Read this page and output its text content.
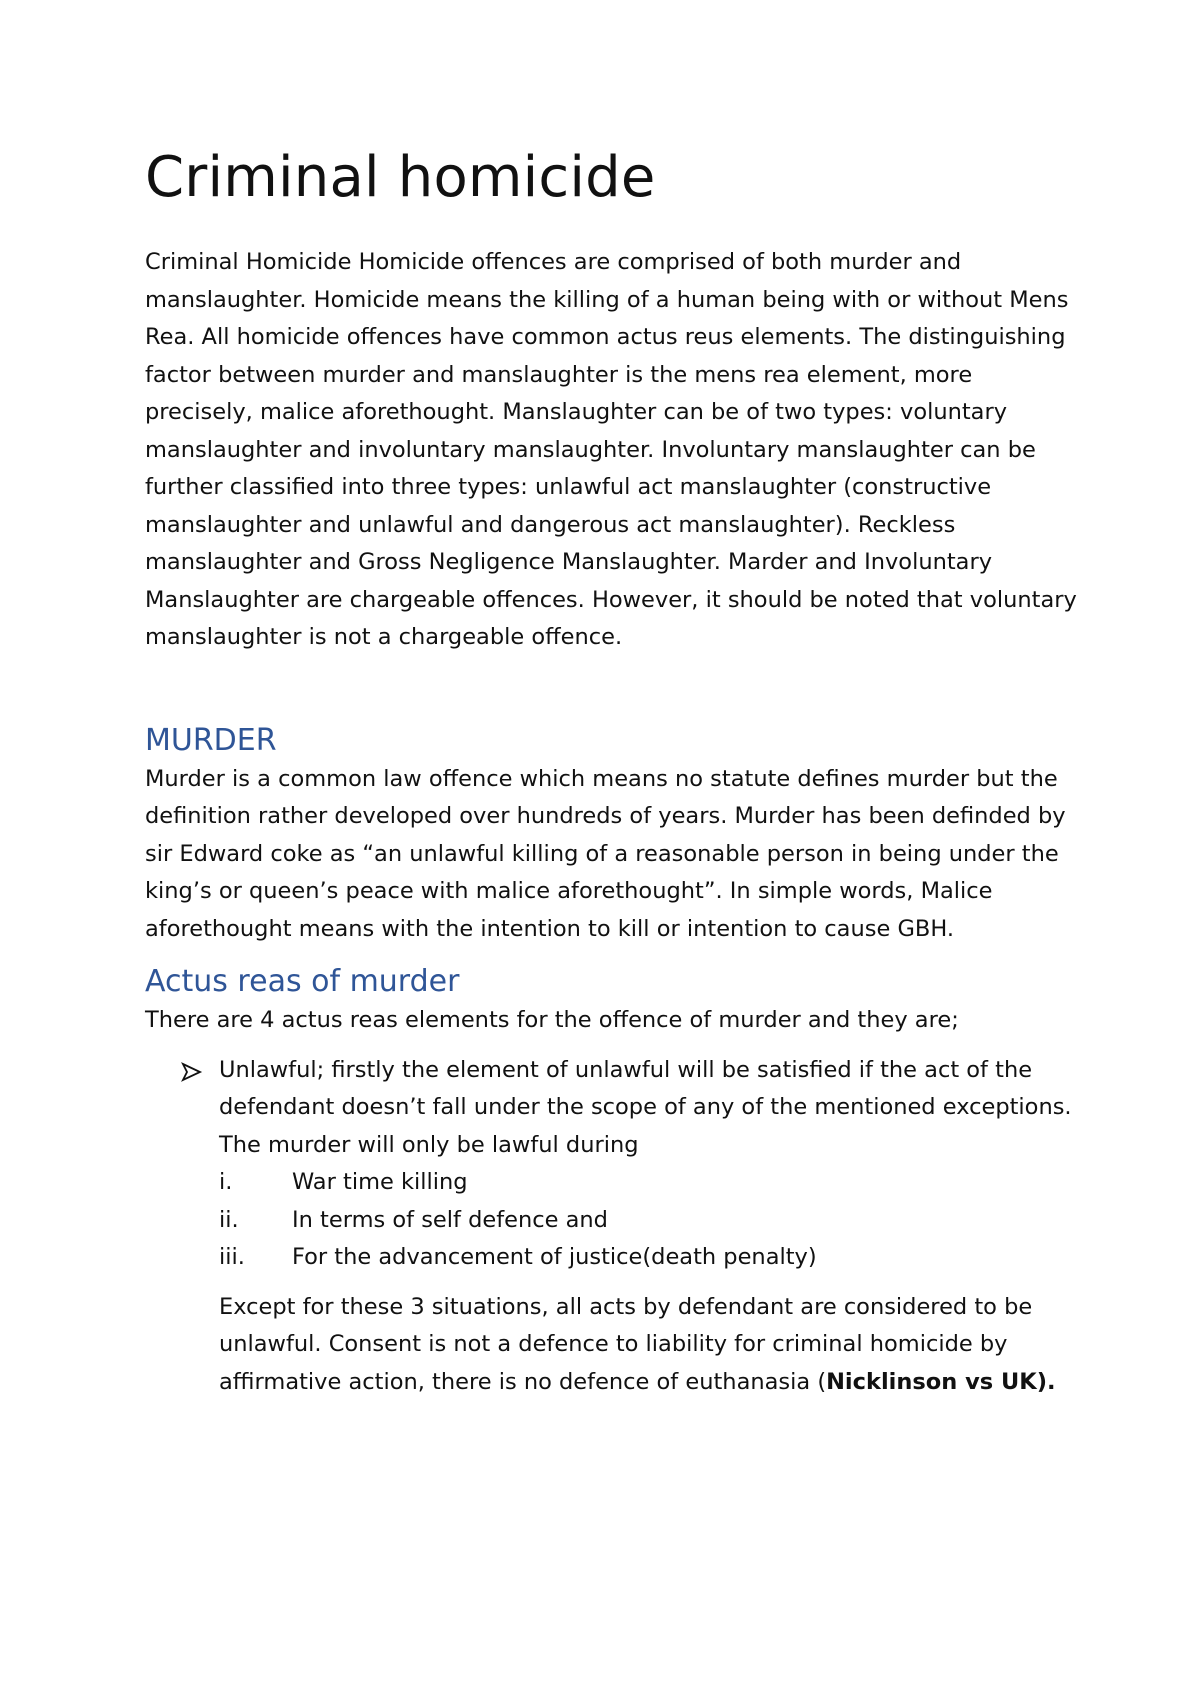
Criminal homicide

Criminal Homicide Homicide offences are comprised of both murder and manslaughter. Homicide means the killing of a human being with or without Mens Rea. All homicide offences have common actus reus elements. The distinguishing factor between murder and manslaughter is the mens rea element, more precisely, malice aforethought. Manslaughter can be of two types: voluntary manslaughter and involuntary manslaughter. Involuntary manslaughter can be further classified into three types: unlawful act manslaughter (constructive manslaughter and unlawful and dangerous act manslaughter). Reckless manslaughter and Gross Negligence Manslaughter. Marder and Involuntary Manslaughter are chargeable offences. However, it should be noted that voluntary manslaughter is not a chargeable offence.

MURDER

Murder is a common law offence which means no statute defines murder but the definition rather developed over hundreds of years. Murder has been definded by sir Edward coke as “an unlawful killing of a reasonable person in being under the king’s or queen’s peace with malice aforethought”. In simple words, Malice aforethought means with the intention to kill or intention to cause GBH.

Actus reas of murder

There are 4 actus reas elements for the offence of murder and they are;

Unlawful; firstly the element of unlawful will be satisfied if the act of the defendant doesn’t fall under the scope of any of the mentioned exceptions. The murder will only be lawful during

i.	War time killing
ii. In terms of self defence and
iii. For the advancement of justice(death penalty)

Except for these 3 situations, all acts by defendant are considered to be unlawful. Consent is not a defence to liability for criminal homicide by affirmative action, there is no defence of euthanasia (Nicklinson vs UK).
